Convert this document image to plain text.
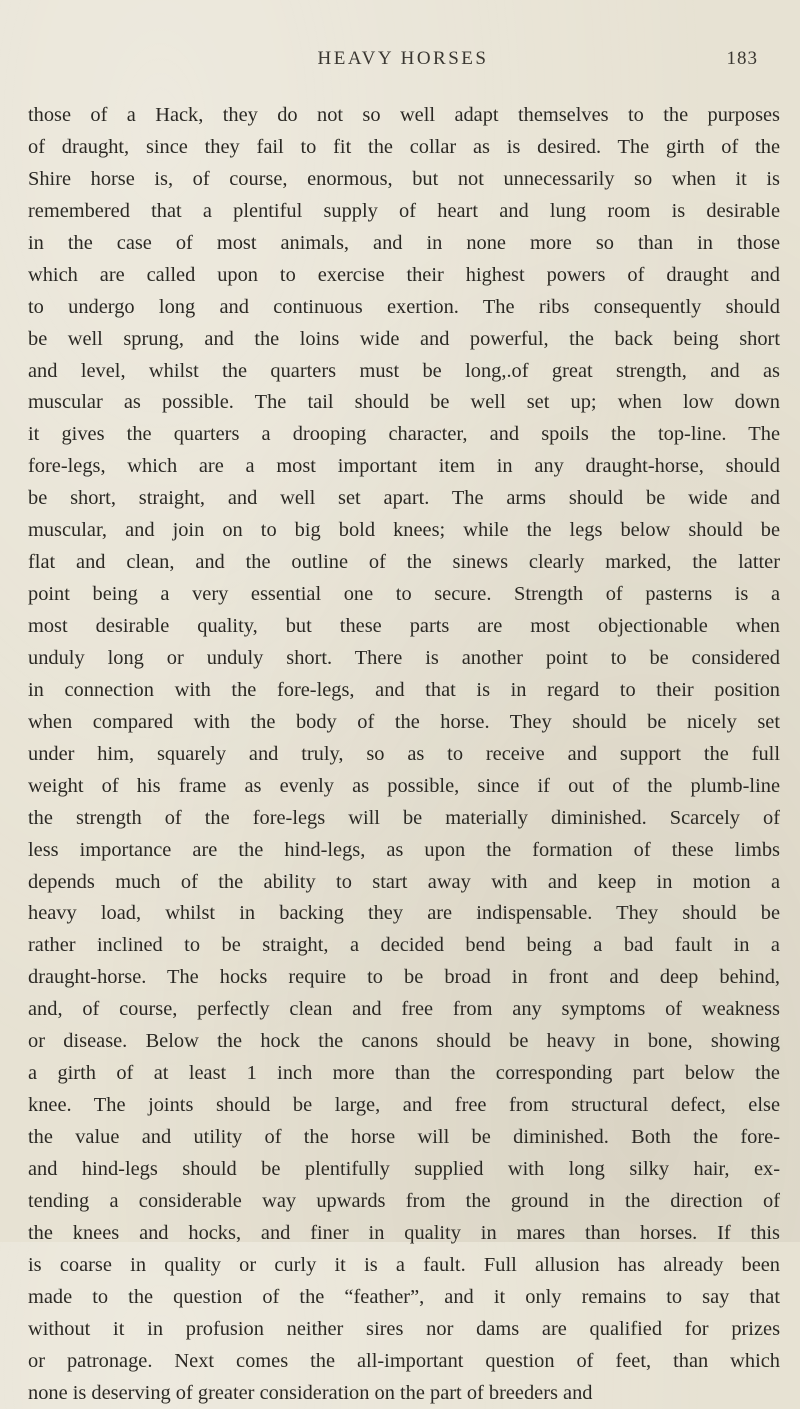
HEAVY HORSES	183
those of a Hack, they do not so well adapt themselves to the purposes
of draught, since they fail to fit the collar as is desired. The girth of the
Shire horse is, of course, enormous, but not unnecessarily so when it is
remembered that a plentiful supply of heart and lung room is desirable
in the case of most animals, and in none more so than in those
which are called upon to exercise their highest powers of draught and
to undergo long and continuous exertion. The ribs consequently should
be well sprung, and the loins wide and powerful, the back being short
and level, whilst the quarters must be long,.of great strength, and as
muscular as possible. The tail should be well set up; when low down
it gives the quarters a drooping character, and spoils the top-line. The
fore-legs, which are a most important item in any draught-horse, should
be short, straight, and well set apart. The arms should be wide and
muscular, and join on to big bold knees; while the legs below should be
flat and clean, and the outline of the sinews clearly marked, the latter
point being a very essential one to secure. Strength of pasterns is a
most desirable quality, but these parts are most objectionable when
unduly long or unduly short. There is another point to be considered
in connection with the fore-legs, and that is in regard to their position
when compared with the body of the horse. They should be nicely set
under him, squarely and truly, so as to receive and support the full
weight of his frame as evenly as possible, since if out of the plumb-line
the strength of the fore-legs will be materially diminished. Scarcely of
less importance are the hind-legs, as upon the formation of these limbs
depends much of the ability to start away with and keep in motion a
heavy load, whilst in backing they are indispensable. They should be
rather inclined to be straight, a decided bend being a bad fault in a
draught-horse. The hocks require to be broad in front and deep behind,
and, of course, perfectly clean and free from any symptoms of weakness
or disease. Below the hock the canons should be heavy in bone, showing
a girth of at least 1 inch more than the corresponding part below the
knee. The joints should be large, and free from structural defect, else
the value and utility of the horse will be diminished. Both the fore-
and hind-legs should be plentifully supplied with long silky hair, ex-
tending a considerable way upwards from the ground in the direction of
the knees and hocks, and finer in quality in mares than horses. If this
is coarse in quality or curly it is a fault. Full allusion has already been
made to the question of the “feather”, and it only remains to say that
without it in profusion neither sires nor dams are qualified for prizes
or patronage. Next comes the all-important question of feet, than which
none is deserving of greater consideration on the part of breeders and
